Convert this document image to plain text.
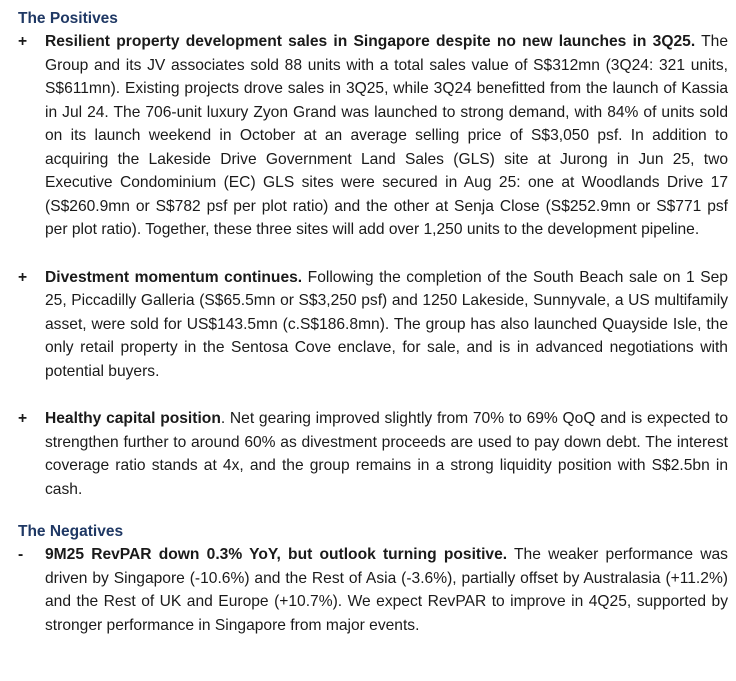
The Positives
+	Resilient property development sales in Singapore despite no new launches in 3Q25. The Group and its JV associates sold 88 units with a total sales value of S$312mn (3Q24: 321 units, S$611mn). Existing projects drove sales in 3Q25, while 3Q24 benefitted from the launch of Kassia in Jul 24. The 706-unit luxury Zyon Grand was launched to strong demand, with 84% of units sold on its launch weekend in October at an average selling price of S$3,050 psf. In addition to acquiring the Lakeside Drive Government Land Sales (GLS) site at Jurong in Jun 25, two Executive Condominium (EC) GLS sites were secured in Aug 25: one at Woodlands Drive 17 (S$260.9mn or S$782 psf per plot ratio) and the other at Senja Close (S$252.9mn or S$771 psf per plot ratio). Together, these three sites will add over 1,250 units to the development pipeline.
+	Divestment momentum continues. Following the completion of the South Beach sale on 1 Sep 25, Piccadilly Galleria (S$65.5mn or S$3,250 psf) and 1250 Lakeside, Sunnyvale, a US multifamily asset, were sold for US$143.5mn (c.S$186.8mn). The group has also launched Quayside Isle, the only retail property in the Sentosa Cove enclave, for sale, and is in advanced negotiations with potential buyers.
+	Healthy capital position. Net gearing improved slightly from 70% to 69% QoQ and is expected to strengthen further to around 60% as divestment proceeds are used to pay down debt. The interest coverage ratio stands at 4x, and the group remains in a strong liquidity position with S$2.5bn in cash.
The Negatives
-	9M25 RevPAR down 0.3% YoY, but outlook turning positive. The weaker performance was driven by Singapore (-10.6%) and the Rest of Asia (-3.6%), partially offset by Australasia (+11.2%) and the Rest of UK and Europe (+10.7%). We expect RevPAR to improve in 4Q25, supported by stronger performance in Singapore from major events.
